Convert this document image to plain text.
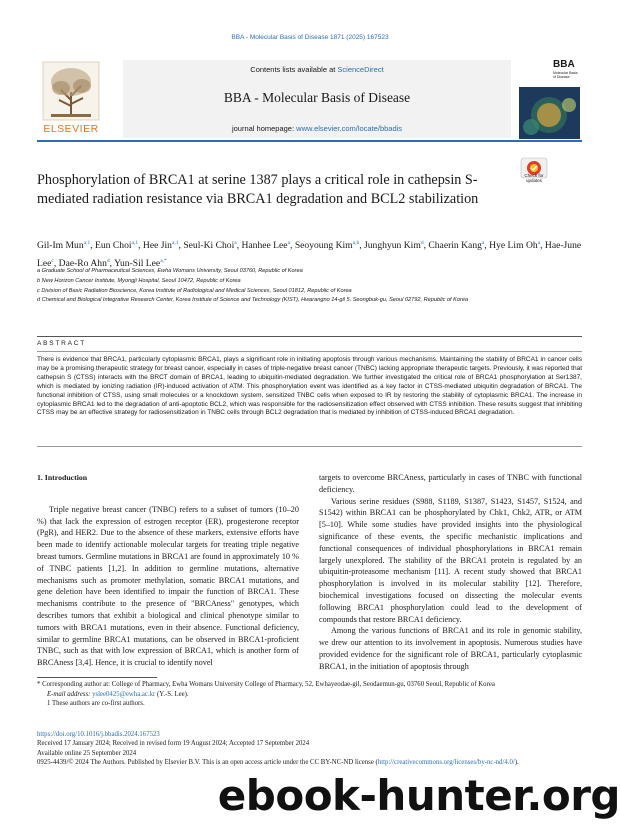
BBA - Molecular Basis of Disease 1871 (2025) 167523
ELSEVIER
Contents lists available at ScienceDirect
BBA - Molecular Basis of Disease
journal homepage: www.elsevier.com/locate/bbadis
BBA
Molecular Basis of Disease
Phosphorylation of BRCA1 at serine 1387 plays a critical role in cathepsin S-mediated radiation resistance via BRCA1 degradation and BCL2 stabilization
Check for
updates
Gil-Im Mun$^{a,1}$, Eun Choi$^{a,1}$, Hee Jin$^{a,1}$, Seul-Ki Choi$^a$, Hanhee Lee$^a$, Seoyoung Kim$^{a,b}$, Junghyun Kim$^d$, Chaerin Kang$^a$, Hye Lim Oh$^a$, Hae-June Lee$^c$, Dae-Ro Ahn$^d$, Yun-Sil Lee$^{a,*}$

a Graduate School of Pharmaceutical Sciences, Ewha Womans University, Seoul 03760, Republic of Korea

b New Horizon Cancer Institute, Myongji Hospital, Seoul 10472, Republic of Korea

c Division of Basic Radiation Bioscience, Korea Institute of Radiological and Medical Sciences, Seoul 01812, Republic of Korea

d Chemical and Biological Integrative Research Center, Korea Institute of Science and Technology (KIST), Hwarangno 14-gil 5, Seongbuk-gu, Seoul 02792, Republic of Korea

ABSTRACT

There is evidence that BRCA1, particularly cytoplasmic BRCA1, plays a significant role in initiating apoptosis through various mechanisms. Maintaining the stability of BRCA1 in cancer cells may be a promising therapeutic strategy for breast cancer, especially in cases of triple-negative breast cancer (TNBC) lacking appropriate therapeutic targets. Previously, it was reported that cathepsin S (CTSS) interacts with the BRCT domain of BRCA1, leading to ubiquitin-mediated degradation. We further investigated the critical role of BRCA1 phosphorylation at Ser1387, which is mediated by ionizing radiation (IR)-induced activation of ATM. This phosphorylation event was identified as a key factor in CTSS-mediated ubiquitin degradation of BRCA1. The functional inhibition of CTSS, using small molecules or a knockdown system, sensitized TNBC cells when exposed to IR by restoring the stability of cytoplasmic BRCA1. The increase in cytoplasmic BRCA1 led to the degradation of anti-apoptotic BCL2, which was responsible for the radiosensitization effect observed with CTSS inhibition. These results suggest that inhibiting CTSS may be an effective strategy for radiosensitization in TNBC cells through BCL2 degradation that is mediated by inhibition of CTSS-induced BRCA1 degradation.

1. Introduction

Triple negative breast cancer (TNBC) refers to a subset of tumors (10–20 %) that lack the expression of estrogen receptor (ER), progesterone receptor (PgR), and HER2. Due to the absence of these markers, extensive efforts have been made to identify actionable molecular targets for treating triple negative breast tumors. Germline mutations in BRCA1 are found in approximately 10 % of TNBC patients [1,2]. In addition to germline mutations, alternative mechanisms such as promoter methylation, somatic BRCA1 mutations, and gene deletion have been identified to impair the function of BRCA1. These mechanisms contribute to the presence of "BRCAness" genotypes, which describes tumors that exhibit a biological and clinical phenotype similar to tumors with BRCA1 mutations, even in their absence. Functional deficiency, similar to germline BRCA1 mutations, can be observed in BRCA1-proficient TNBC, such as that with low expression of BRCA1, which is another form of BRCAness [3,4]. Hence, it is crucial to identify novel

targets to overcome BRCAness, particularly in cases of TNBC with functional deficiency.

Various serine residues (S988, S1189, S1387, S1423, S1457, S1524, and S1542) within BRCA1 can be phosphorylated by Chk1, Chk2, ATR, or ATM [5–10]. While some studies have provided insights into the physiological significance of these events, the specific mechanistic implications and functional consequences of individual phosphorylations in BRCA1 remain largely unexplored. The stability of the BRCA1 protein is regulated by an ubiquitin-proteasome mechanism [11]. A recent study showed that BRCA1 phosphorylation is involved in its molecular stability [12]. Therefore, biochemical investigations focused on dissecting the molecular events following BRCA1 phosphorylation could lead to the development of compounds that restore BRCA1 deficiency.

Among the various functions of BRCA1 and its role in genomic stability, we drew our attention to its involvement in apoptosis. Numerous studies have provided evidence for the significant role of BRCA1, particularly cytoplasmic BRCA1, in the initiation of apoptosis through

* Corresponding author at: College of Pharmacy, Ewha Womans University College of Pharmacy, 52, Ewhayeodae-gil, Seodaemun-gu, 03760 Seoul, Republic of Korea

E-mail address: yslee0425@ewha.ac.kr (Y.-S. Lee).

1 These authors are co-first authors.

https://doi.org/10.1016/j.bbadis.2024.167523

Received 17 January 2024; Received in revised form 19 August 2024; Accepted 17 September 2024

Available online 25 September 2024

0925-4439/© 2024 The Authors. Published by Elsevier B.V. This is an open access article under the CC BY-NC-ND license (http://creativecommons.org/licenses/by-nc-nd/4.0/).

ebook-hunter.org
